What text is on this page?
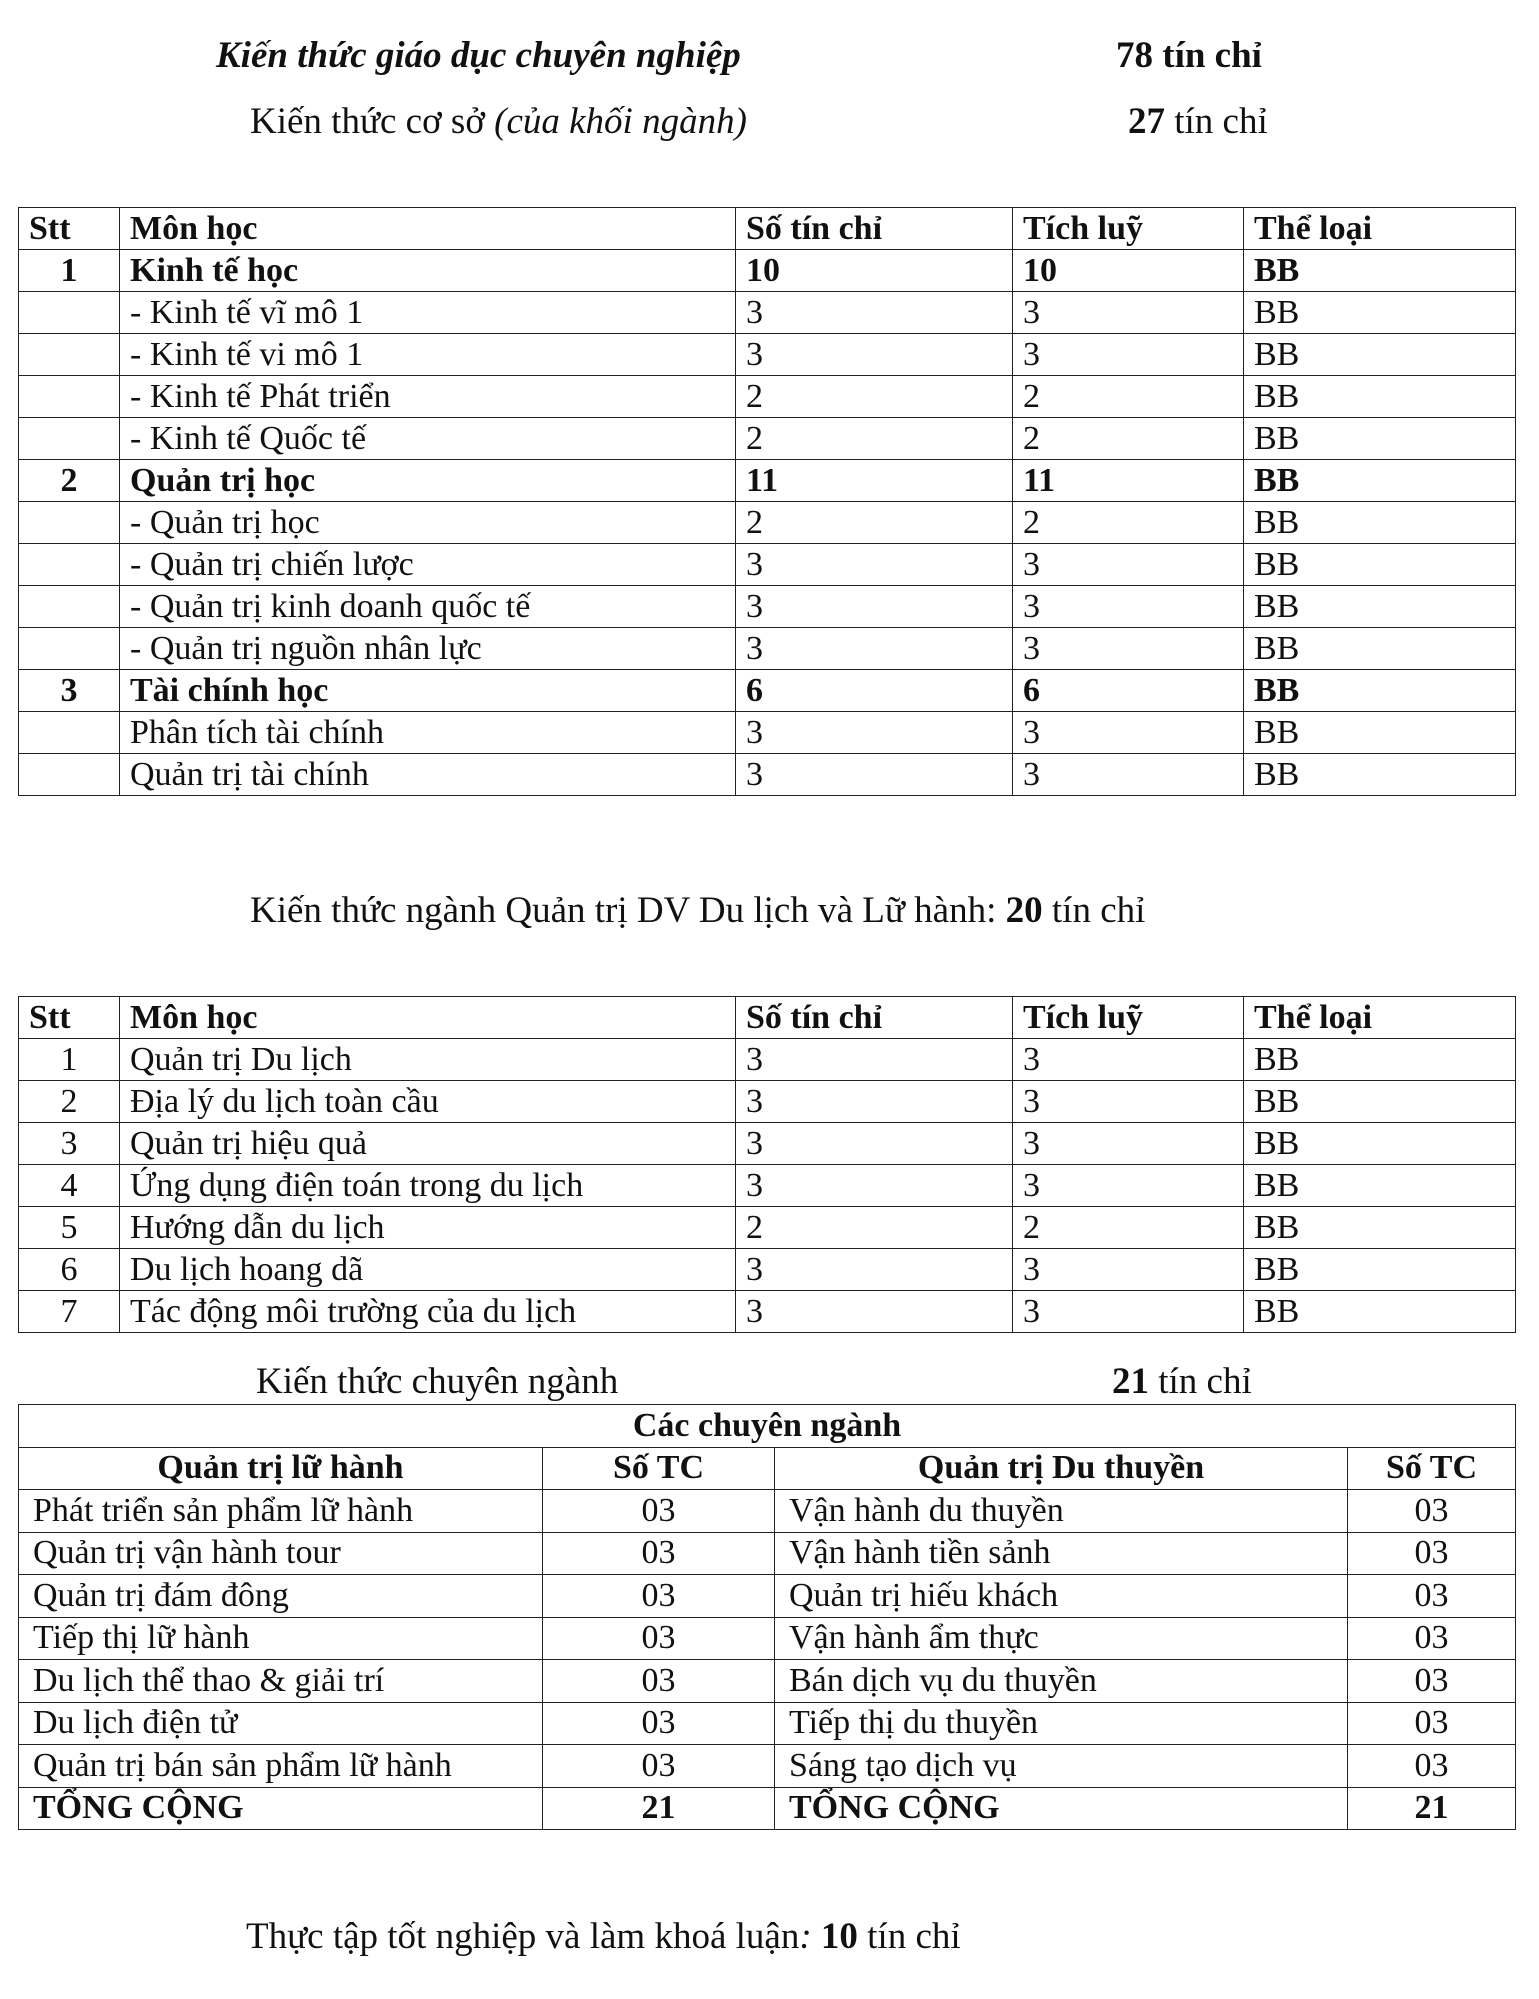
Kiến thức giáo dục chuyên nghiệp	78 tín chỉ
Kiến thức cơ sở (của khối ngành)	27 tín chỉ
Stt	Môn học	Số tín chỉ	Tích luỹ	Thể loại
1	Kinh tế học	10	10	BB
	- Kinh tế vĩ mô 1	3	3	BB
	- Kinh tế vi mô 1	3	3	BB
	- Kinh tế Phát triển	2	2	BB
	- Kinh tế Quốc tế	2	2	BB
2	Quản trị học	11	11	BB
	- Quản trị học	2	2	BB
	- Quản trị chiến lược	3	3	BB
	- Quản trị kinh doanh quốc tế	3	3	BB
	- Quản trị nguồn nhân lực	3	3	BB
3	Tài chính học	6	6	BB
	Phân tích tài chính	3	3	BB
	Quản trị tài chính	3	3	BB
Kiến thức ngành Quản trị DV Du lịch và Lữ hành: 20 tín chỉ
Stt	Môn học	Số tín chỉ	Tích luỹ	Thể loại
1	Quản trị Du lịch	3	3	BB
2	Địa lý du lịch toàn cầu	3	3	BB
3	Quản trị hiệu quả	3	3	BB
4	Ứng dụng điện toán trong du lịch	3	3	BB
5	Hướng dẫn du lịch	2	2	BB
6	Du lịch hoang dã	3	3	BB
7	Tác động môi trường của du lịch	3	3	BB
Kiến thức chuyên ngành	21 tín chỉ
Các chuyên ngành			
Quản trị lữ hành	Số TC	Quản trị Du thuyền	Số TC
Phát triển sản phẩm lữ hành	03	Vận hành du thuyền	03
Quản trị vận hành tour	03	Vận hành tiền sảnh	03
Quản trị đám đông	03	Quản trị hiếu khách	03
Tiếp thị lữ hành	03	Vận hành ẩm thực	03
Du lịch thể thao & giải trí	03	Bán dịch vụ du thuyền	03
Du lịch điện tử	03	Tiếp thị du thuyền	03
Quản trị bán sản phẩm lữ hành	03	Sáng tạo dịch vụ	03
TỔNG CỘNG	21	TỔNG CỘNG	21
Thực tập tốt nghiệp và làm khoá luận: 10 tín chỉ
